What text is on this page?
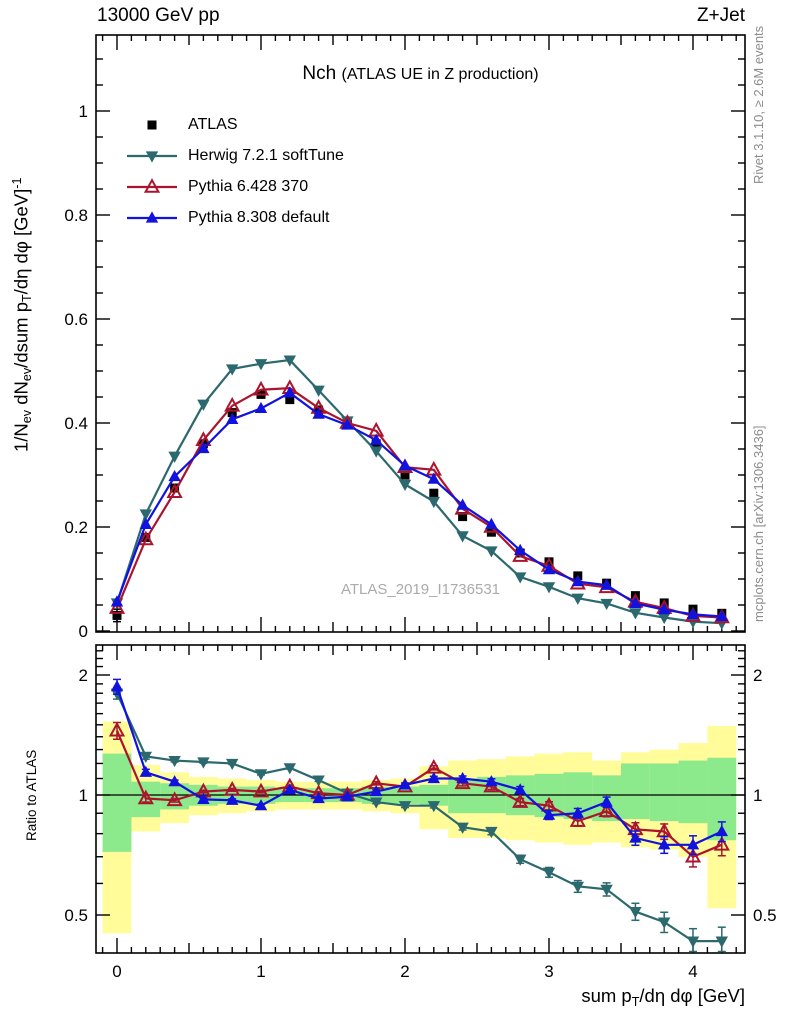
0	1	2	3	4
0
0.2
0.4
0.6
0.8
1
0.5	0.5
1	1
2	2
13000 GeV pp	Z+Jet
Nch (ATLAS UE in Z production)
ATLAS
Herwig 7.2.1 softTune
Pythia 6.428 370
Pythia 8.308 default
$1/N_{ev}$ $dN_{ev}$/dsum $p_T/d\eta$ dφ [GeV]$^{-1}$
Ratio to ATLAS
Rivet 3.1.10, ≥ 2.6M events
mcplots.cern.ch [arXiv:1306.3436]
sum $p_T/d\eta$ dφ [GeV]
ATLAS_2019_I1736531
